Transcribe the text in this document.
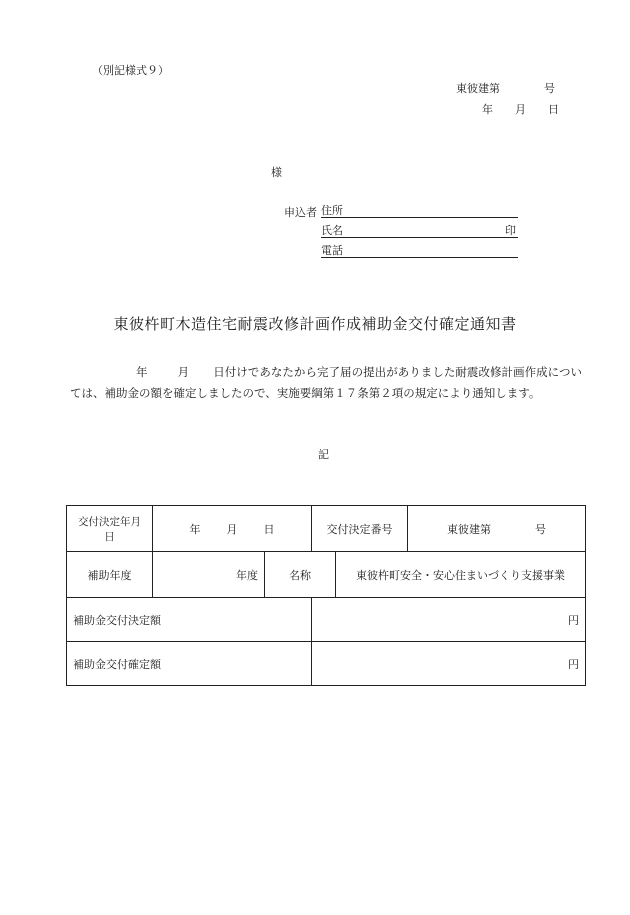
（別記様式９）
東彼建第　　　　号
年　　月　　日
様
申込者 住所
氏名	印
電話
東彼杵町木造住宅耐震改修計画作成補助金交付確定通知書
年	月 日付けであなたから完了届の提出がありました耐震改修計画作成については、補助金の額を確定しましたので、実施要綱第１７条第２項の規定により通知します。
記
交付決定年月日	年 月 日		交付決定番号		東彼建第　　　　号
補助年度	年度	名称		東彼杵町安全・安心住まいづくり支援事業	
補助金交付決定額			円		
補助金交付確定額			円		
